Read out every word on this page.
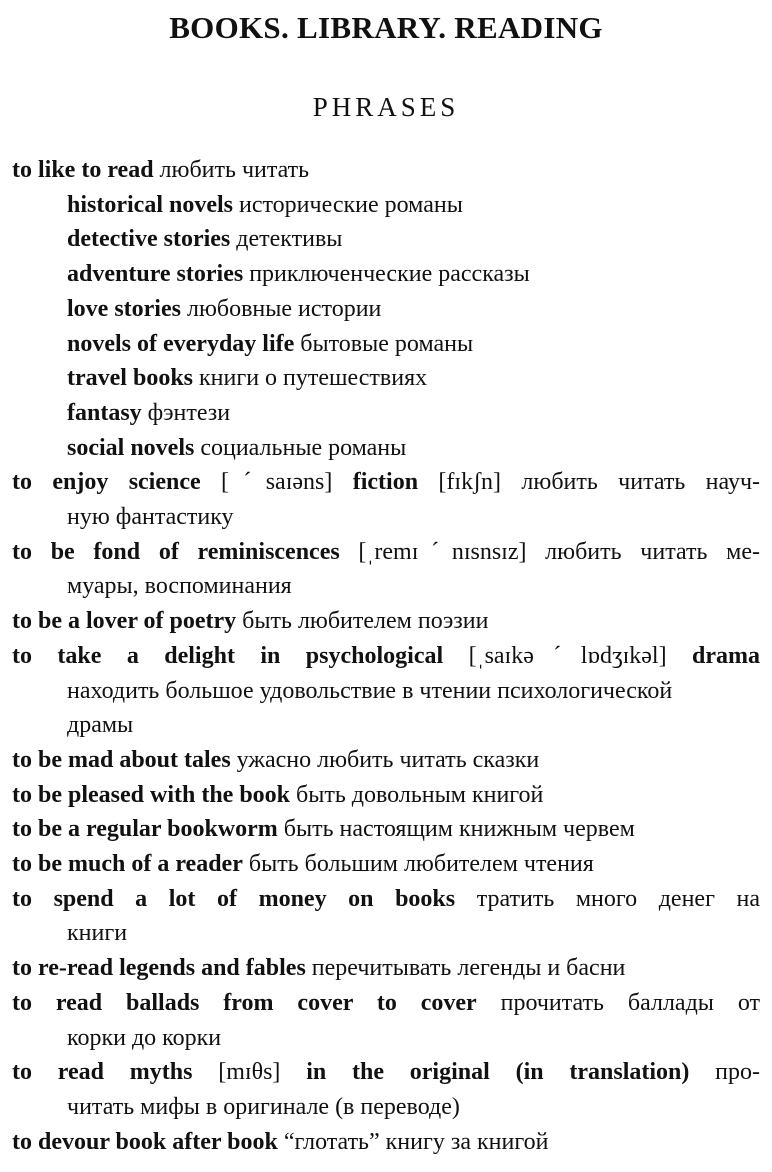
BOOKS. LIBRARY. READING
PHRASES
to like to read любить читать
historical novels исторические романы
detective stories детективы
adventure stories приключенческие рассказы
love stories любовные истории
novels of everyday life бытовые романы
travel books книги о путешествиях
fantasy фэнтези
social novels социальные романы
to enjoy science [ˊsaɪəns] fiction [fɪkʃn] любить читать науч-
ную фантастику
to be fond of reminiscences [ˌremɪˊnɪsnsɪz] любить читать ме-
муары, воспоминания
to be a lover of poetry быть любителем поэзии
to take a delight in psychological [ˌsaɪkəˊlɒdʒɪkəl] drama
находить большое удовольствие в чтении психологической
драмы
to be mad about tales ужасно любить читать сказки
to be pleased with the book быть довольным книгой
to be a regular bookworm быть настоящим книжным червем
to be much of a reader быть большим любителем чтения
to spend a lot of money on books тратить много денег на
книги
to re-read legends and fables перечитывать легенды и басни
to read ballads from cover to cover прочитать баллады от
корки до корки
to read myths [mɪθs] in the original (in translation) про-
читать мифы в оригинале (в переводе)
to devour book after book “глотать” книгу за книгой
